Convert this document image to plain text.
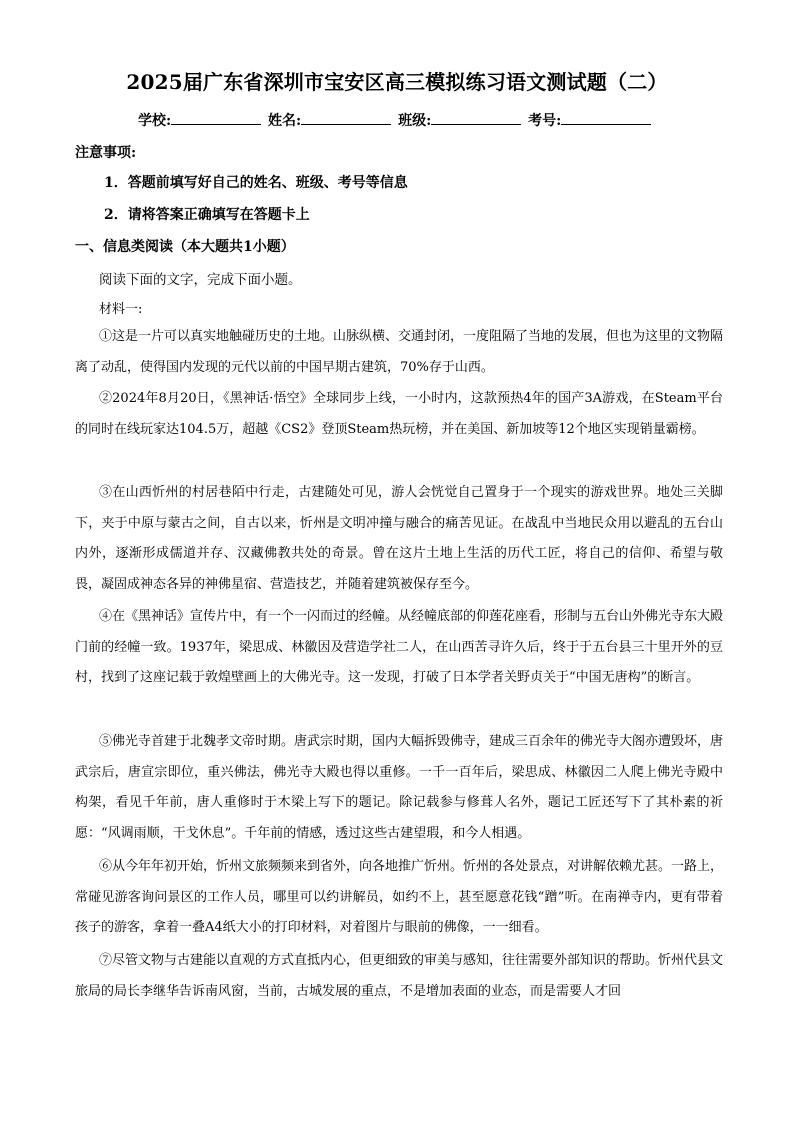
2025届广东省深圳市宝安区高三模拟练习语文测试题（二）
学校:	姓名:	班级:	考号:
注意事项:
1．答题前填写好自己的姓名、班级、考号等信息
2．请将答案正确填写在答题卡上
一、信息类阅读（本大题共1小题）
阅读下面的文字，完成下面小题。
材料一:

①这是一片可以真实地触碰历史的土地。山脉纵横、交通封闭，一度阻隔了当地的发展，但也为这里的文物隔离了动乱，使得国内发现的元代以前的中国早期古建筑，70%存于山西。

②2024年8月20日，《黑神话·悟空》全球同步上线，一小时内，这款预热4年的国产3A游戏，在Steam平台的同时在线玩家达104.5万，超越《CS2》登顶Steam热玩榜，并在美国、新加坡等12个地区实现销量霸榜。

③在山西忻州的村居巷陌中行走，古建随处可见，游人会恍觉自己置身于一个现实的游戏世界。地处三关脚下，夹于中原与蒙古之间，自古以来，忻州是文明冲撞与融合的痛苦见证。在战乱中当地民众用以避乱的五台山内外，逐渐形成儒道并存、汉藏佛教共处的奇景。曾在这片土地上生活的历代工匠，将自己的信仰、希望与敬畏，凝固成神态各异的神佛星宿、营造技艺，并随着建筑被保存至今。

④在《黑神话》宣传片中，有一个一闪而过的经幢。从经幢底部的仰莲花座看，形制与五台山外佛光寺东大殿门前的经幢一致。1937年，梁思成、林徽因及营造学社二人，在山西苦寻许久后，终于于五台县三十里开外的豆村，找到了这座记载于敦煌壁画上的大佛光寺。这一发现，打破了日本学者关野贞关于“中国无唐构”的断言。

⑤佛光寺首建于北魏孝文帝时期。唐武宗时期，国内大幅拆毁佛寺，建成三百余年的佛光寺大阁亦遭毁坏，唐武宗后，唐宣宗即位，重兴佛法，佛光寺大殿也得以重修。一千一百年后，梁思成、林徽因二人爬上佛光寺殿中构架，看见千年前，唐人重修时于木梁上写下的题记。除记载参与修葺人名外，题记工匠还写下了其朴素的祈愿：“风调雨顺，干戈休息”。千年前的情感，透过这些古建望瑕，和今人相遇。

⑥从今年年初开始，忻州文旅频频来到省外，向各地推广忻州。忻州的各处景点，对讲解依赖尤甚。一路上，常碰见游客询问景区的工作人员，哪里可以约讲解员，如约不上，甚至愿意花钱“蹭”听。在南禅寺内，更有带着孩子的游客，拿着一叠A4纸大小的打印材料，对着图片与眼前的佛像，一一细看。

⑦尽管文物与古建能以直观的方式直抵内心，但更细致的审美与感知，往往需要外部知识的帮助。忻州代县文旅局的局长李继华告诉南风窗，当前，古城发展的重点，不是增加表面的业态，而是需要人才回
